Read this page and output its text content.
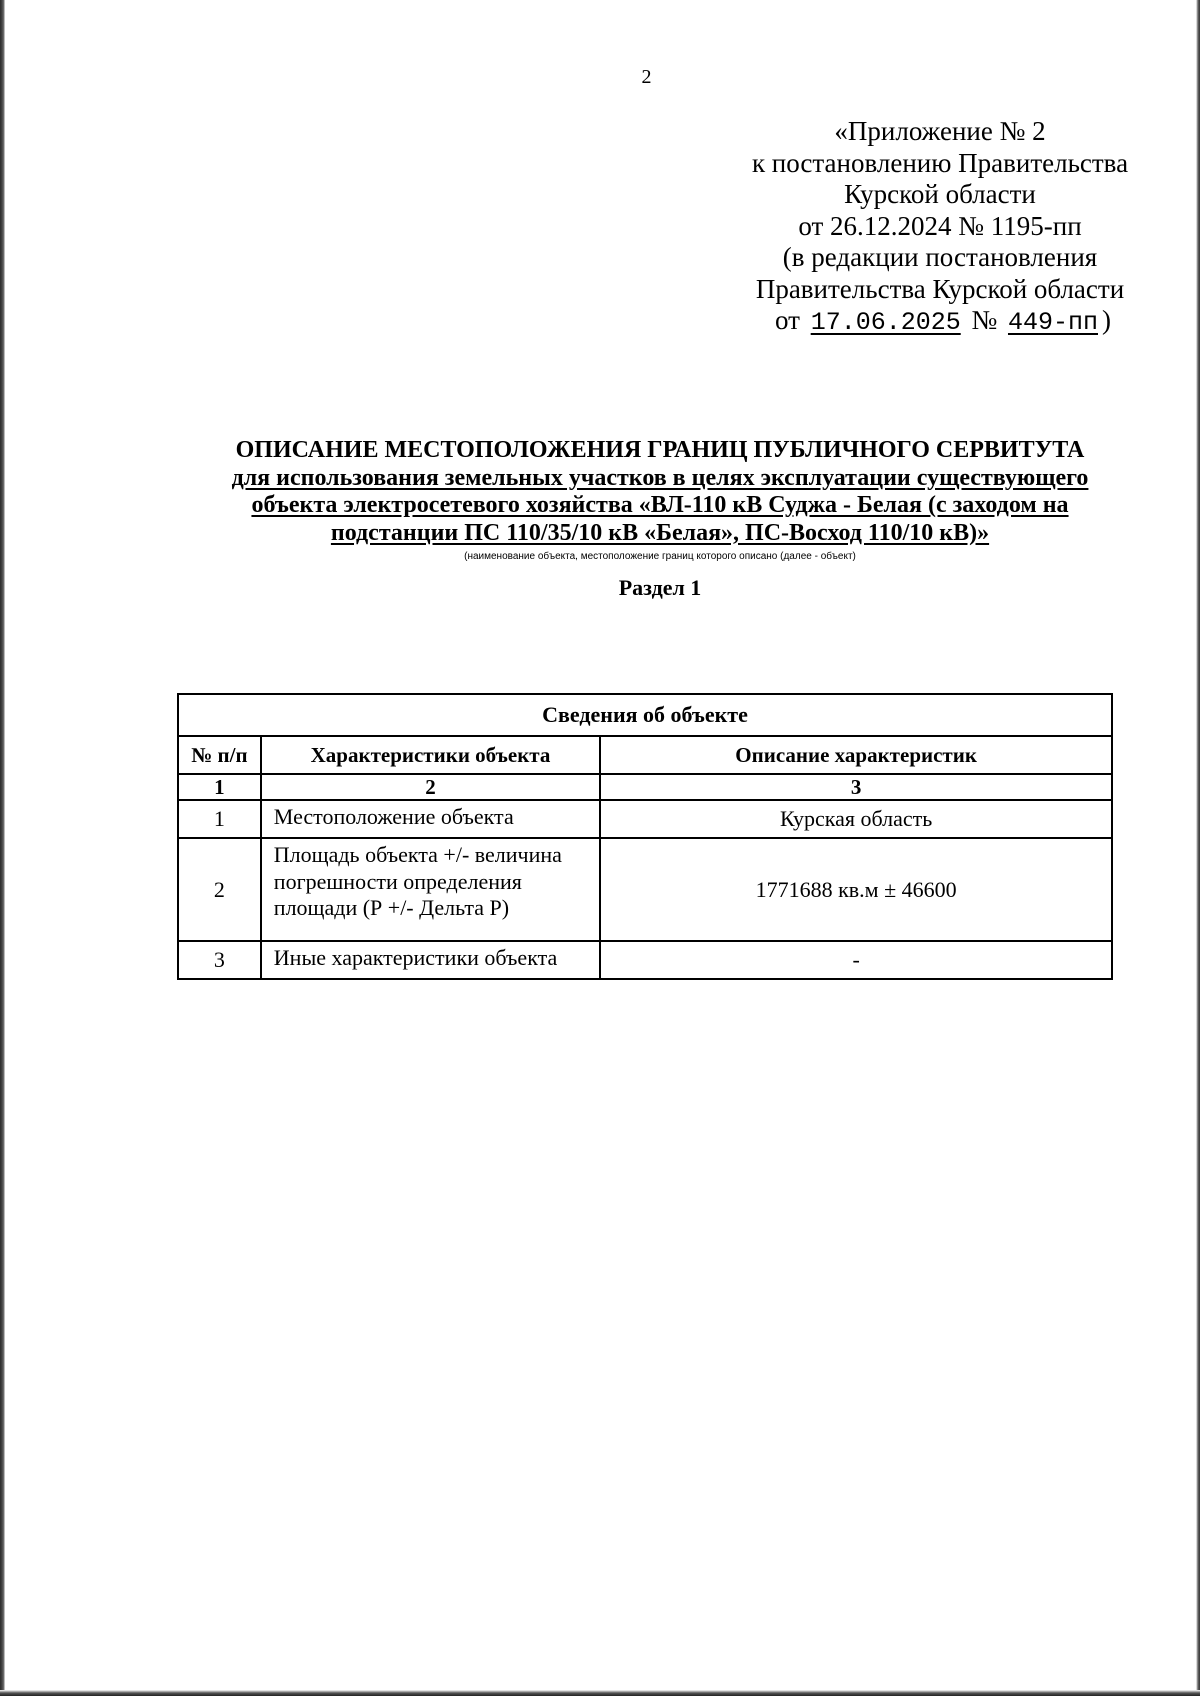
2
«Приложение № 2
к постановлению Правительства
Курской области
от 26.12.2024 № 1195-пп
(в редакции постановления
Правительства Курской области
от 17.06.2025 № 449-пп )
ОПИСАНИЕ МЕСТОПОЛОЖЕНИЯ ГРАНИЦ ПУБЛИЧНОГО СЕРВИТУТА
для использования земельных участков в целях эксплуатации существующего
объекта электросетевого хозяйства «ВЛ-110 кВ Суджа - Белая (с заходом на
подстанции ПС 110/35/10 кВ «Белая», ПС-Восход 110/10 кВ)»
(наименование объекта, местоположение границ которого описано (далее - объект)
Раздел 1
Сведения об объекте		
№ п/п	Характеристики объекта	Описание характеристик
1	2	3
1	Местоположение объекта	Курская область
2	Площадь объекта +/- величина погрешности определения площади (Р +/- Дельта Р)	1771688 кв.м ± 46600
3	Иные характеристики объекта	-
